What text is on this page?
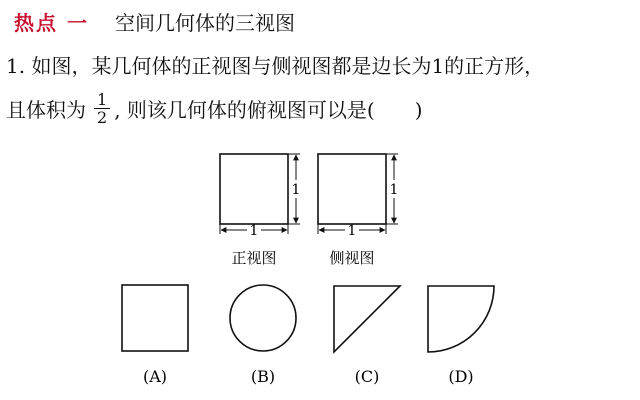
热点 一 空间几何体的三视图
1. 如图，某几何体的正视图与侧视图都是边长为1的正方形，
且体积为 $\frac{1}{2}$ , 则该几何体的俯视图可以是(　　)
1
1
正视图
1
1
侧视图
(A)	(B)	(C)	(D)
